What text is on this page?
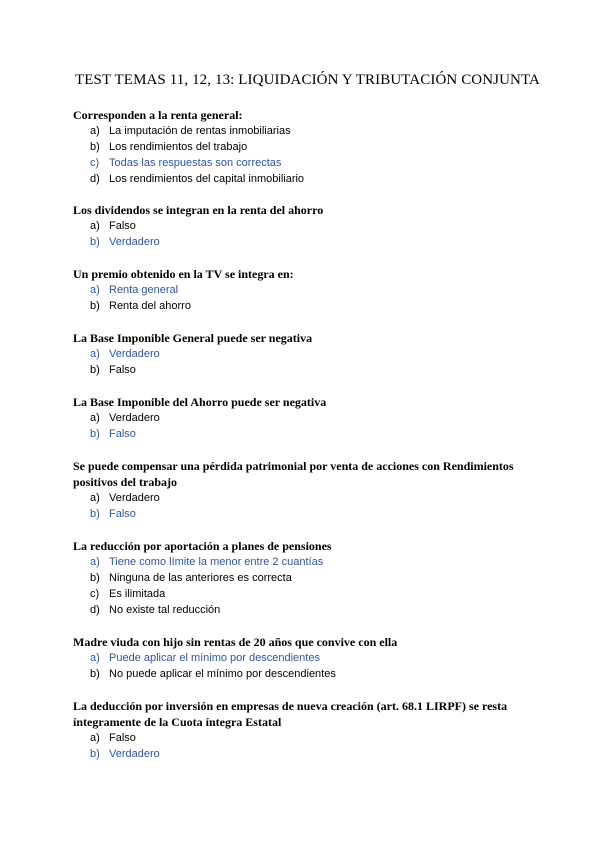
TEST TEMAS 11, 12, 13: LIQUIDACIÓN Y TRIBUTACIÓN CONJUNTA
Corresponden a la renta general:
a) La imputación de rentas inmobiliarias
b) Los rendimientos del trabajo
c) Todas las respuestas son correctas
d) Los rendimientos del capital inmobiliario
Los dividendos se integran en la renta del ahorro
a) Falso
b) Verdadero
Un premio obtenido en la TV se integra en:
a) Renta general
b) Renta del ahorro
La Base Imponible General puede ser negativa
a) Verdadero
b) Falso
La Base Imponible del Ahorro puede ser negativa
a) Verdadero
b) Falso
Se puede compensar una pérdida patrimonial por venta de acciones con Rendimientos positivos del trabajo
a) Verdadero
b) Falso
La reducción por aportación a planes de pensiones
a) Tiene como límite la menor entre 2 cuantías
b) Ninguna de las anteriores es correcta
c) Es ilimitada
d) No existe tal reducción
Madre viuda con hijo sin rentas de 20 años que convive con ella
a) Puede aplicar el mínimo por descendientes
b) No puede aplicar el mínimo por descendientes
La deducción por inversión en empresas de nueva creación (art. 68.1 LIRPF) se resta íntegramente de la Cuota íntegra Estatal
a) Falso
b) Verdadero
